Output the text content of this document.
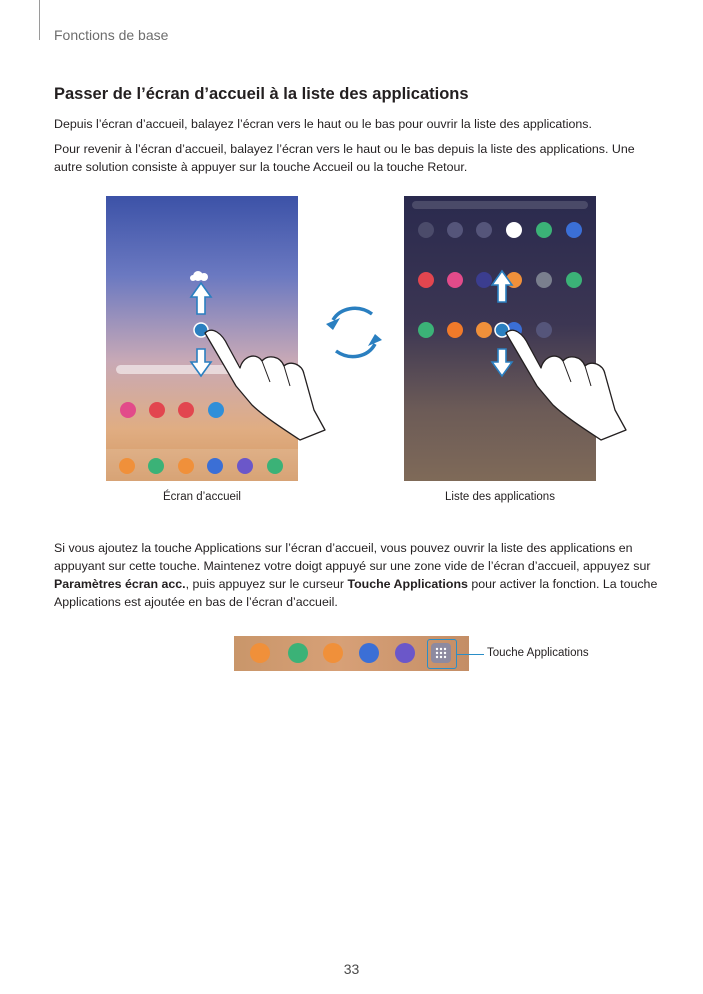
Fonctions de base
Passer de l’écran d’accueil à la liste des applications
Depuis l’écran d’accueil, balayez l’écran vers le haut ou le bas pour ouvrir la liste des applications.
Pour revenir à l’écran d’accueil, balayez l’écran vers le haut ou le bas depuis la liste des applications. Une autre solution consiste à appuyer sur la touche Accueil ou la touche Retour.
Écran d’accueil	Liste des applications
Si vous ajoutez la touche Applications sur l’écran d’accueil, vous pouvez ouvrir la liste des applications en appuyant sur cette touche. Maintenez votre doigt appuyé sur une zone vide de l’écran d’accueil, appuyez sur Paramètres écran acc., puis appuyez sur le curseur Touche Applications pour activer la fonction. La touche Applications est ajoutée en bas de l’écran d’accueil.
Touche Applications
33
